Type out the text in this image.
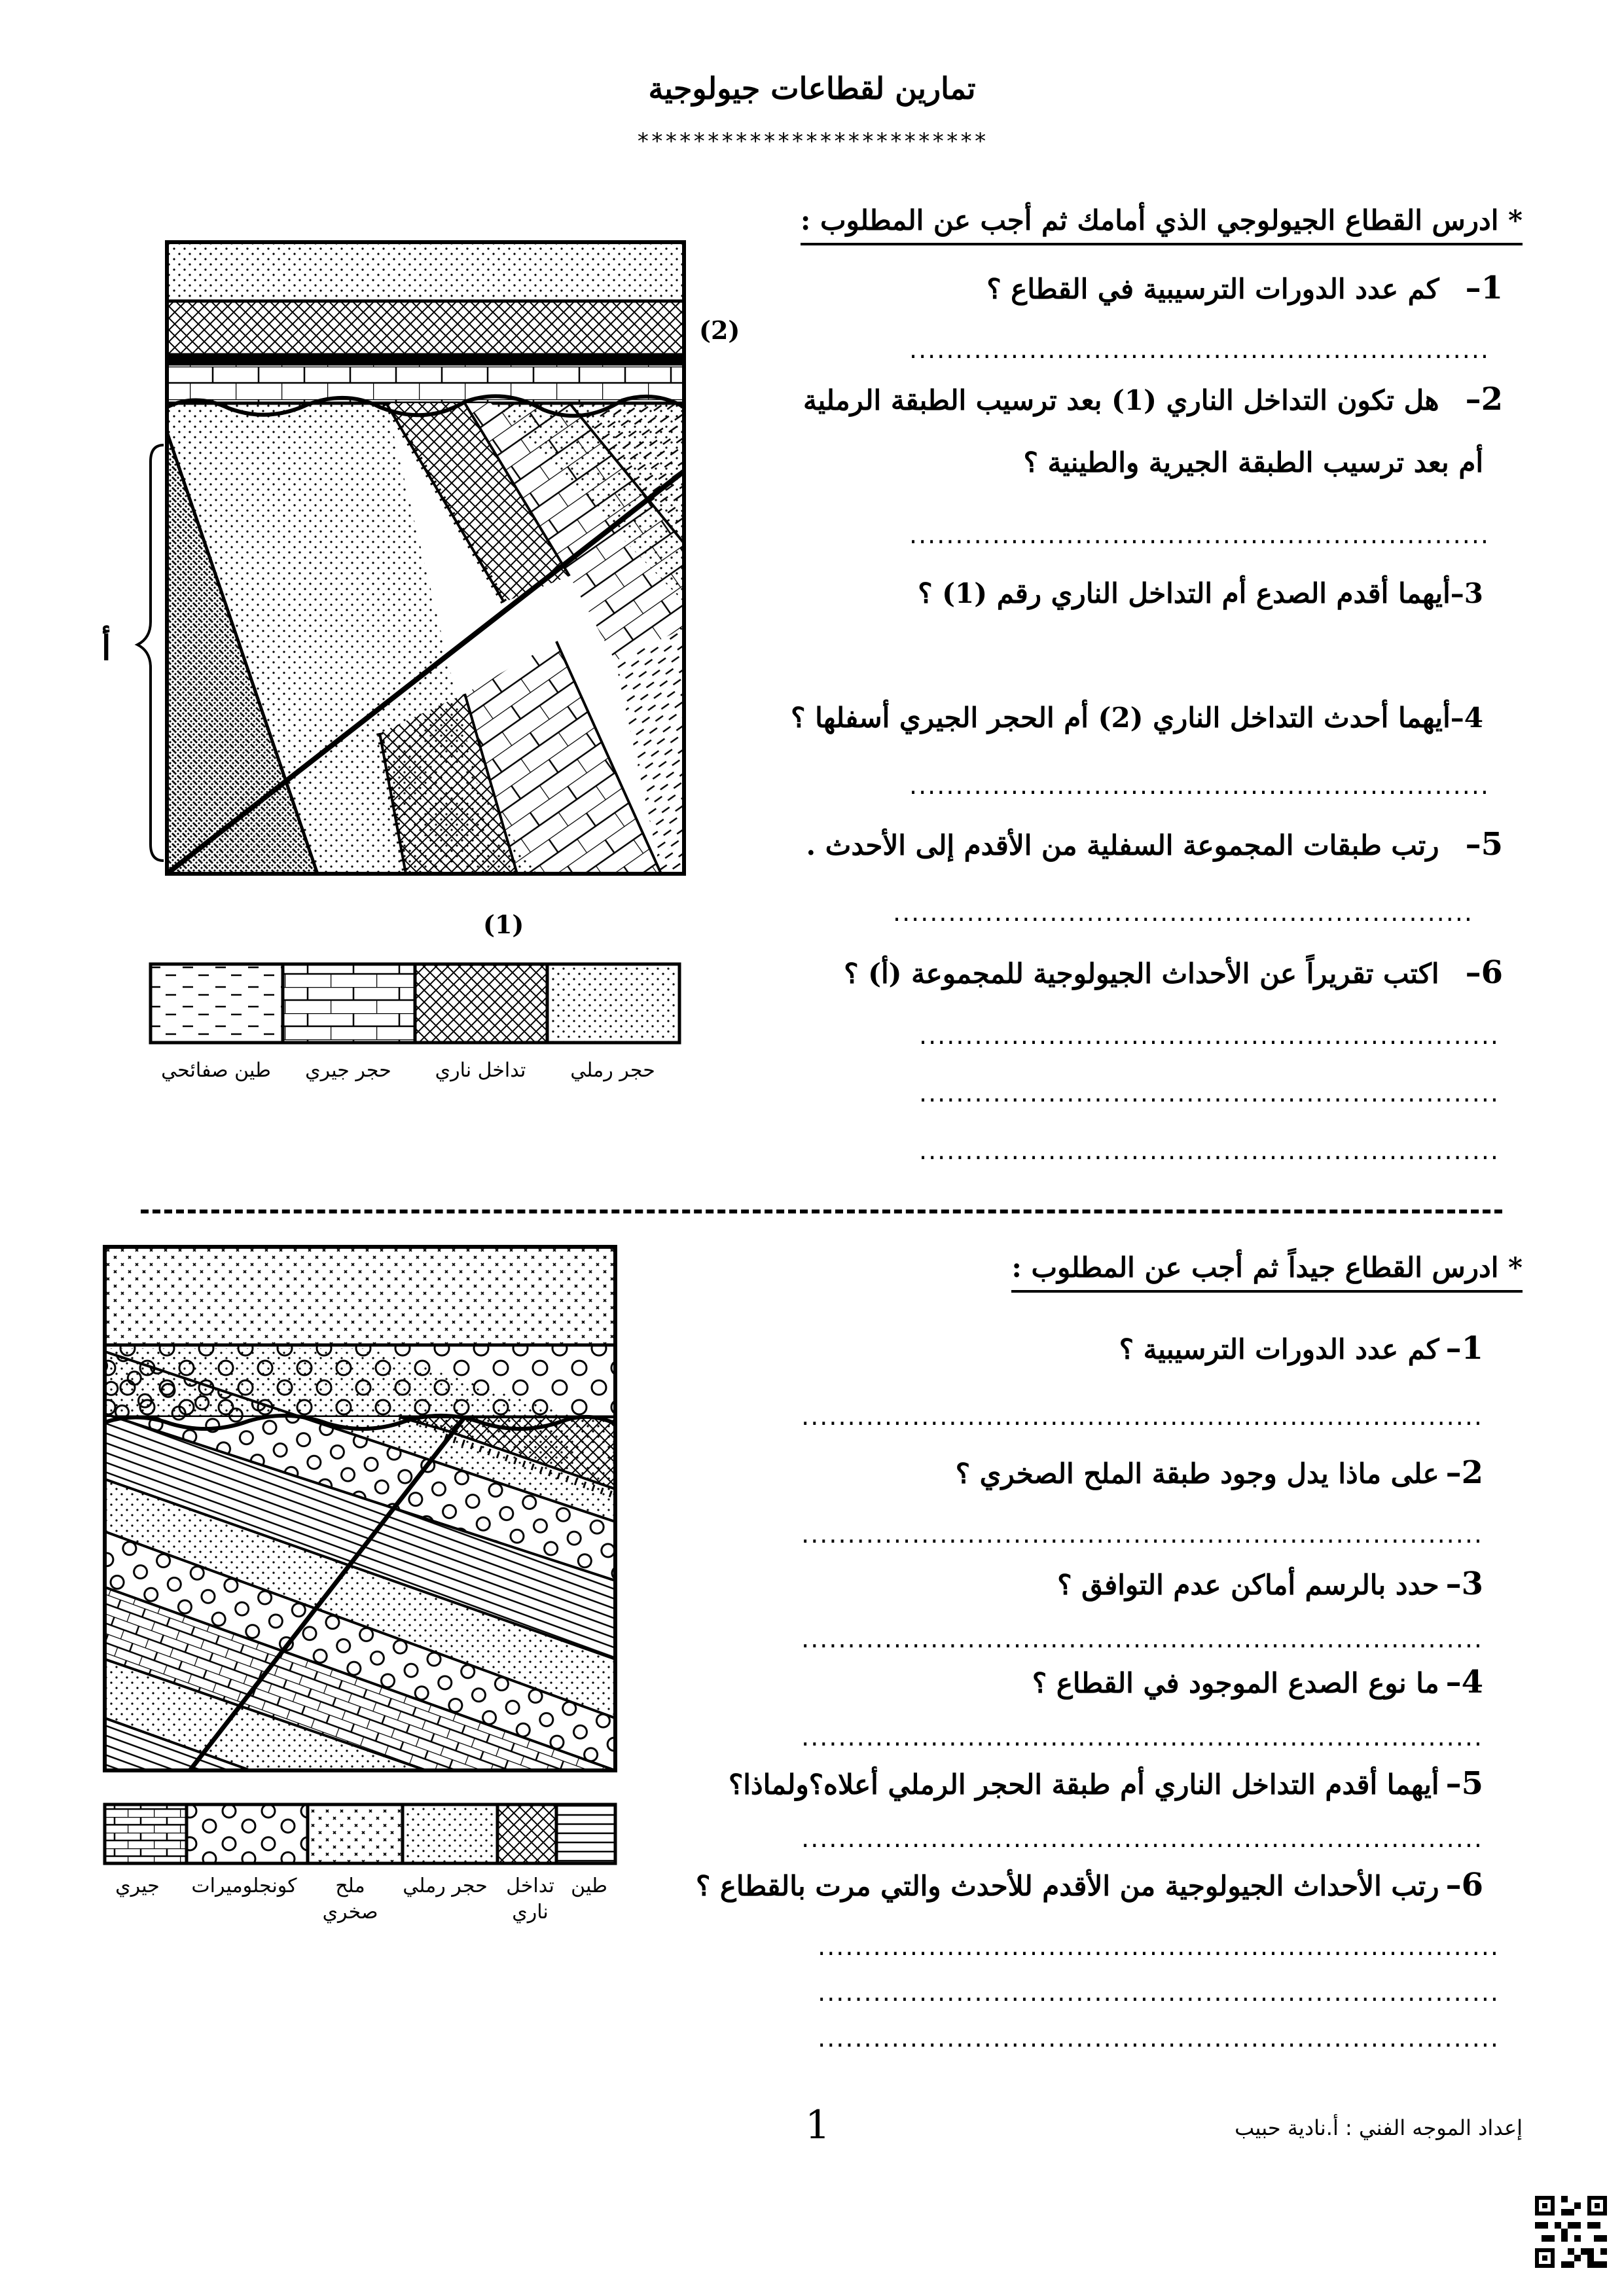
تمارين لقطاعات جيولوجية
*************************
* ادرس القطاع الجيولوجي الذي أمامك ثم أجب عن المطلوب :
1–كم عدد الدورات الترسيبية في القطاع ؟
...............................................................
2–هل تكون التداخل الناري (1) بعد ترسيب الطبقة الرملية
أم بعد ترسيب الطبقة الجيرية والطينية ؟
...............................................................
3–أيهما أقدم الصدع أم التداخل الناري رقم (1) ؟
4–أيهما أحدث التداخل الناري (2) أم الحجر الجيري أسفلها ؟
...............................................................
5–رتب طبقات المجموعة السفلية من الأقدم إلى الأحدث .
...............................................................
6–اكتب تقريراً عن الأحداث الجيولوجية للمجموعة (أ) ؟
...............................................................
...............................................................
...............................................................
أ
(2)
(1)
حجر رملي
تداخل ناري
حجر جيري
طين صفائحي
* ادرس القطاع جيداً ثم أجب عن المطلوب :
1–كم عدد الدورات الترسيبية ؟
..........................................................................
2–على ماذا يدل وجود طبقة الملح الصخري ؟
..........................................................................
3–حدد بالرسم أماكن عدم التوافق ؟
..........................................................................
4–ما نوع الصدع الموجود في القطاع ؟
..........................................................................
5–أيهما أقدم التداخل الناري أم طبقة الحجر الرملي أعلاه؟ولماذا؟
..........................................................................
6–رتب الأحداث الجيولوجية من الأقدم للأحدث والتي مرت بالقطاع ؟
..........................................................................
..........................................................................
..........................................................................
طين
تداخل
ناري
حجر رملي
ملح
صخري
كونجلوميرات
جيري
1	إعداد الموجه الفني : أ.نادية حبيب
